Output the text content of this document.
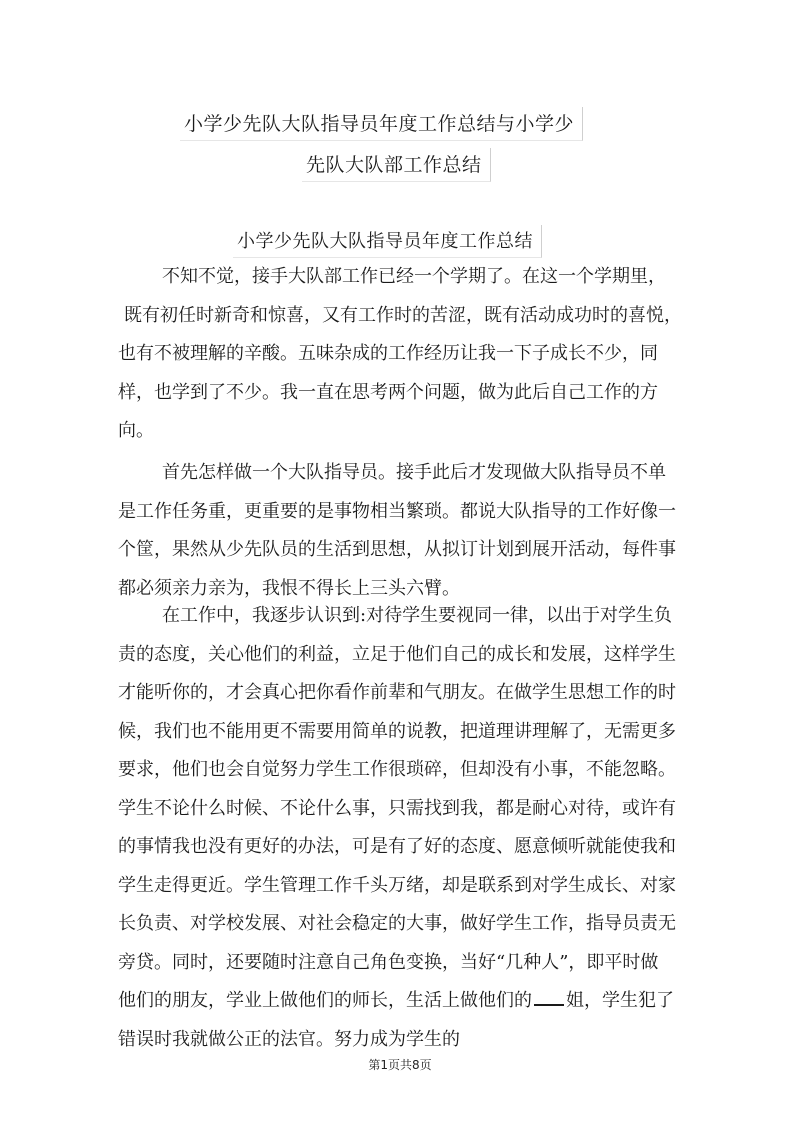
小学少先队大队指导员年度工作总结与小学少
先队大队部工作总结
小学少先队大队指导员年度工作总结
不知不觉，接手大队部工作已经一个学期了。在这一个学期里，
既有初任时新奇和惊喜，又有工作时的苦涩，既有活动成功时的喜悦，
也有不被理解的辛酸。五味杂成的工作经历让我一下子成长不少，同
样，也学到了不少。我一直在思考两个问题，做为此后自己工作的方
向。
首先怎样做一个大队指导员。接手此后才发现做大队指导员不单
是工作任务重，更重要的是事物相当繁琐。都说大队指导的工作好像一
个筐，果然从少先队员的生活到思想，从拟订计划到展开活动，每件事
都必须亲力亲为，我恨不得长上三头六臂。
在工作中，我逐步认识到:对待学生要视同一律，以出于对学生负
责的态度，关心他们的利益，立足于他们自己的成长和发展，这样学生
才能听你的，才会真心把你看作前辈和气朋友。在做学生思想工作的时
候，我们也不能用更不需要用简单的说教，把道理讲理解了，无需更多
要求，他们也会自觉努力学生工作很琐碎，但却没有小事，不能忽略。
学生不论什么时候、不论什么事，只需找到我，都是耐心对待，或许有
的事情我也没有更好的办法，可是有了好的态度、愿意倾听就能使我和
学生走得更近。学生管理工作千头万绪，却是联系到对学生成长、对家
长负责、对学校发展、对社会稳定的大事，做好学生工作，指导员责无
旁贷。同时，还要随时注意自己角色变换，当好“几种人”，即平时做
他们的朋友，学业上做他们的师长，生活上做他们的 姐，学生犯了
错误时我就做公正的法官。努力成为学生的
第1页共8页
